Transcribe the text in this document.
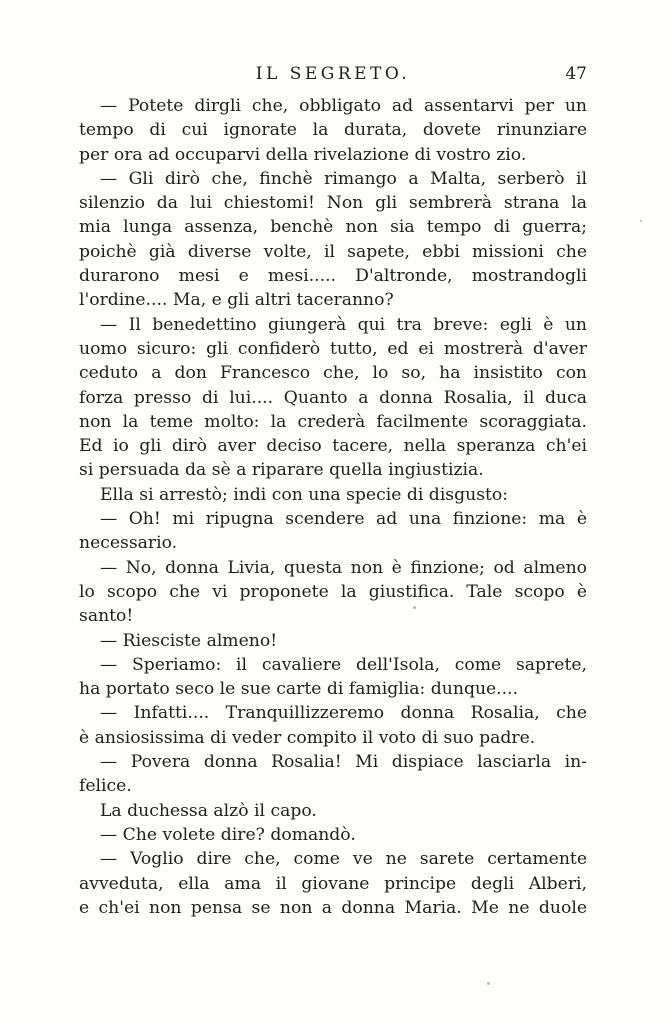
IL SEGRETO.	47
— Potete dirgli che, obbligato ad assentarvi per un
tempo di cui ignorate la durata, dovete rinunziare
per ora ad occuparvi della rivelazione di vostro zio.
— Gli dirò che, finchè rimango a Malta, serberò il
silenzio da lui chiestomi! Non gli sembrerà strana la
mia lunga assenza, benchè non sia tempo di guerra;
poichè già diverse volte, il sapete, ebbi missioni che
durarono mesi e mesi..... D'altronde, mostrandogli
l'ordine.... Ma, e gli altri taceranno?
— Il benedettino giungerà qui tra breve: egli è un
uomo sicuro: gli confiderò tutto, ed ei mostrerà d'aver
ceduto a don Francesco che, lo so, ha insistito con
forza presso di lui.... Quanto a donna Rosalia, il duca
non la teme molto: la crederà facilmente scoraggiata.
Ed io gli dirò aver deciso tacere, nella speranza ch'ei
si persuada da sè a riparare quella ingiustizia.
Ella si arrestò; indi con una specie di disgusto:
— Oh! mi ripugna scendere ad una finzione: ma è
necessario.
— No, donna Livia, questa non è finzione; od almeno
lo scopo che vi proponete la giustifica. Tale scopo è
santo!
— Riesciste almeno!
— Speriamo: il cavaliere dell'Isola, come saprete,
ha portato seco le sue carte di famiglia: dunque....
— Infatti.... Tranquillizzeremo donna Rosalia, che
è ansiosissima di veder compito il voto di suo padre.
— Povera donna Rosalia! Mi dispiace lasciarla in-
felice.
La duchessa alzò il capo.
— Che volete dire? domandò.
— Voglio dire che, come ve ne sarete certamente
avveduta, ella ama il giovane principe degli Alberi,
e ch'ei non pensa se non a donna Maria. Me ne duole
